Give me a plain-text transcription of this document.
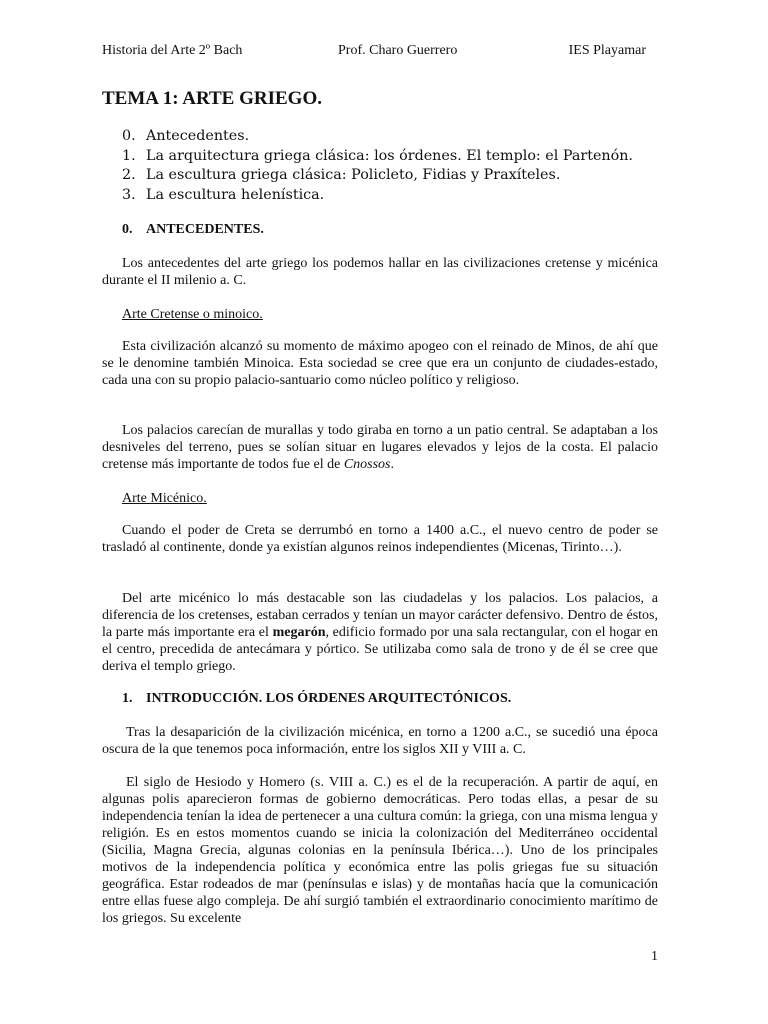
Historia del Arte 2º Bach	Prof. Charo Guerrero	IES Playamar
TEMA 1: ARTE GRIEGO.
0. Antecedentes.
1. La arquitectura griega clásica: los órdenes. El templo: el Partenón.
2. La escultura griega clásica: Policleto, Fidias y Praxíteles.
3. La escultura helenística.
0. ANTECEDENTES.

Los antecedentes del arte griego los podemos hallar en las civilizaciones cretense y micénica durante el II milenio a. C.

Arte Cretense o minoico.

Esta civilización alcanzó su momento de máximo apogeo con el reinado de Minos, de ahí que se le denomine también Minoica. Esta sociedad se cree que era un conjunto de ciudades-estado, cada una con su propio palacio-santuario como núcleo político y religioso.

Los palacios carecían de murallas y todo giraba en torno a un patio central. Se adaptaban a los desniveles del terreno, pues se solían situar en lugares elevados y lejos de la costa. El palacio cretense más importante de todos fue el de Cnossos.

Arte Micénico.

Cuando el poder de Creta se derrumbó en torno a 1400 a.C., el nuevo centro de poder se trasladó al continente, donde ya existían algunos reinos independientes (Micenas, Tirinto…).

Del arte micénico lo más destacable son las ciudadelas y los palacios. Los palacios, a diferencia de los cretenses, estaban cerrados y tenían un mayor carácter defensivo. Dentro de éstos, la parte más importante era el megarón, edificio formado por una sala rectangular, con el hogar en el centro, precedida de antecámara y pórtico. Se utilizaba como sala de trono y de él se cree que deriva el templo griego.

1. INTRODUCCIÓN. LOS ÓRDENES ARQUITECTÓNICOS.

Tras la desaparición de la civilización micénica, en torno a 1200 a.C., se sucedió una época oscura de la que tenemos poca información, entre los siglos XII y VIII a. C.

El siglo de Hesiodo y Homero (s. VIII a. C.) es el de la recuperación. A partir de aquí, en algunas polis aparecieron formas de gobierno democráticas. Pero todas ellas, a pesar de su independencia tenían la idea de pertenecer a una cultura común: la griega, con una misma lengua y religión. Es en estos momentos cuando se inicia la colonización del Mediterráneo occidental (Sicilia, Magna Grecia, algunas colonias en la península Ibérica…). Uno de los principales motivos de la independencia política y económica entre las polis griegas fue su situación geográfica. Estar rodeados de mar (penínsulas e islas) y de montañas hacía que la comunicación entre ellas fuese algo compleja. De ahí surgió también el extraordinario conocimiento marítimo de los griegos. Su excelente

1
